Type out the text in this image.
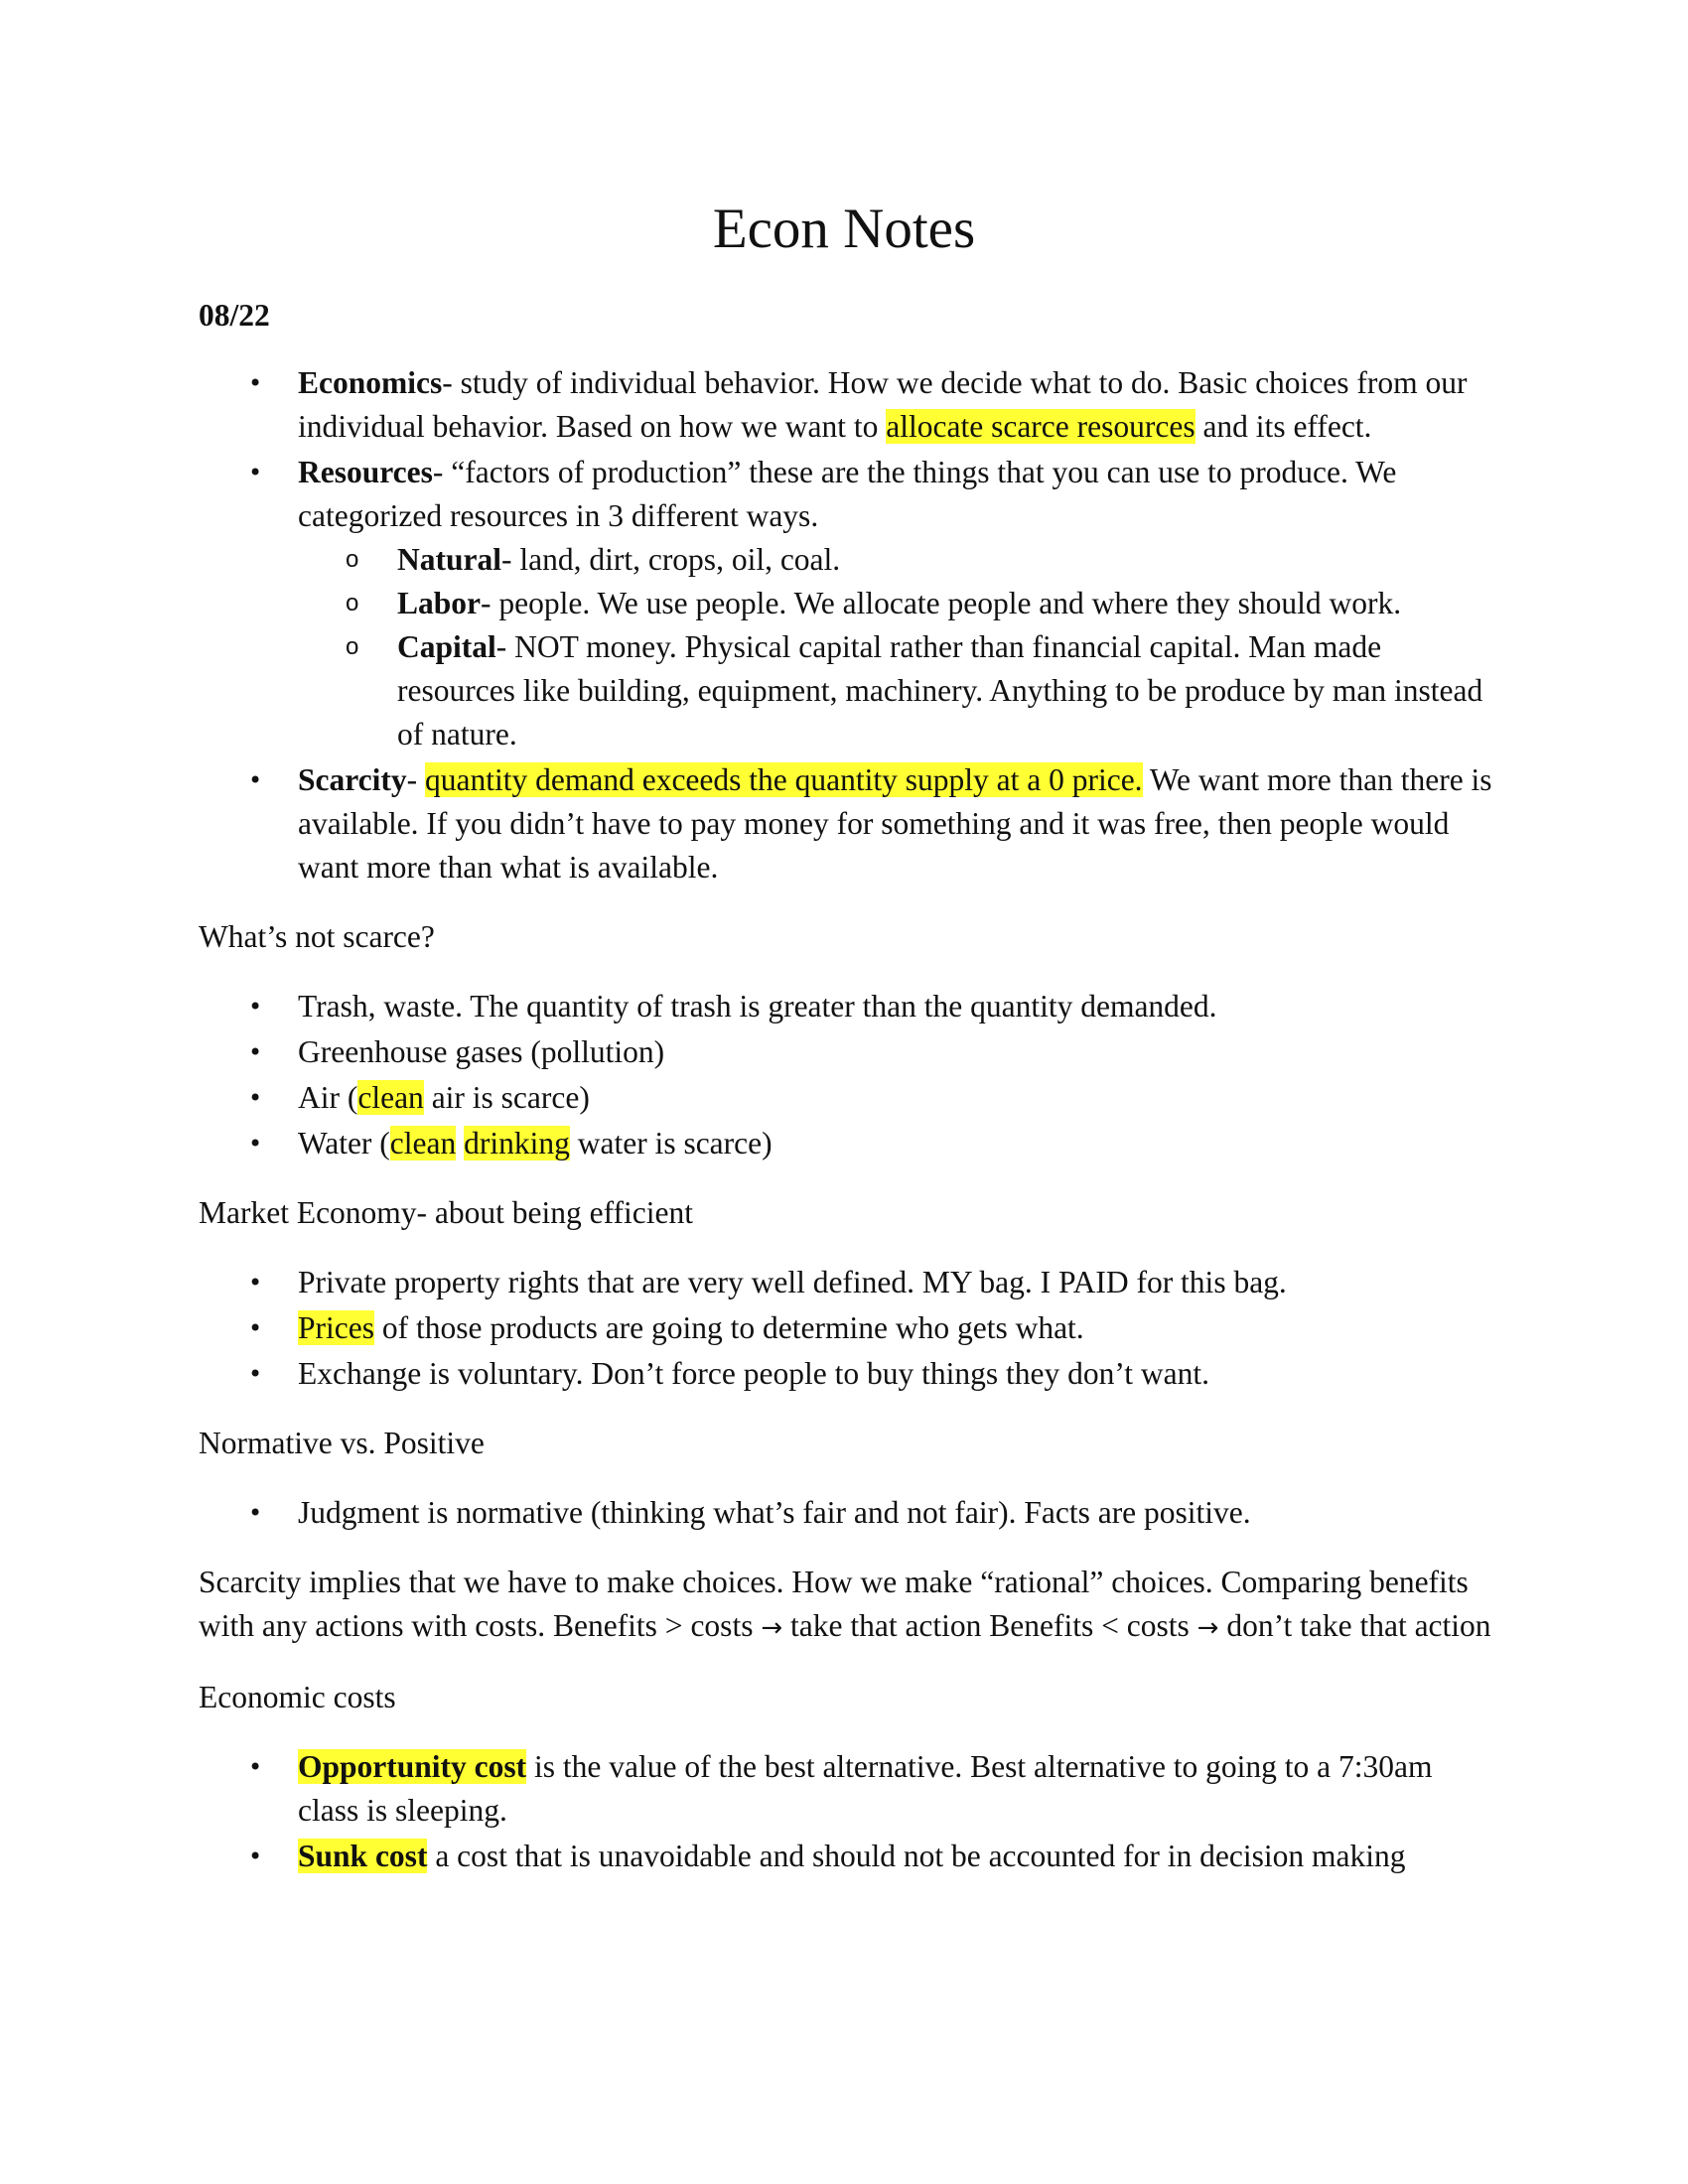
Econ Notes

08/22

• Economics- study of individual behavior. How we decide what to do. Basic choices from our individual behavior. Based on how we want to allocate scarce resources and its effect.
• Resources- “factors of production” these are the things that you can use to produce. We categorized resources in 3 different ways.
o Natural- land, dirt, crops, oil, coal.
o Labor- people. We use people. We allocate people and where they should work.
o Capital- NOT money. Physical capital rather than financial capital. Man made resources like building, equipment, machinery. Anything to be produce by man instead of nature.
• Scarcity- quantity demand exceeds the quantity supply at a 0 price. We want more than there is available. If you didn’t have to pay money for something and it was free, then people would want more than what is available.

What’s not scarce?

• Trash, waste. The quantity of trash is greater than the quantity demanded.
• Greenhouse gases (pollution)
• Air (clean air is scarce)
• Water (clean drinking water is scarce)

Market Economy- about being efficient

• Private property rights that are very well defined. MY bag. I PAID for this bag.
• Prices of those products are going to determine who gets what.
• Exchange is voluntary. Don’t force people to buy things they don’t want.

Normative vs. Positive

• Judgment is normative (thinking what’s fair and not fair). Facts are positive.

Scarcity implies that we have to make choices. How we make “rational” choices. Comparing benefits with any actions with costs. Benefits > costs → take that action Benefits < costs → don’t take that action

Economic costs

• Opportunity cost is the value of the best alternative. Best alternative to going to a 7:30am class is sleeping.
• Sunk cost a cost that is unavoidable and should not be accounted for in decision making
